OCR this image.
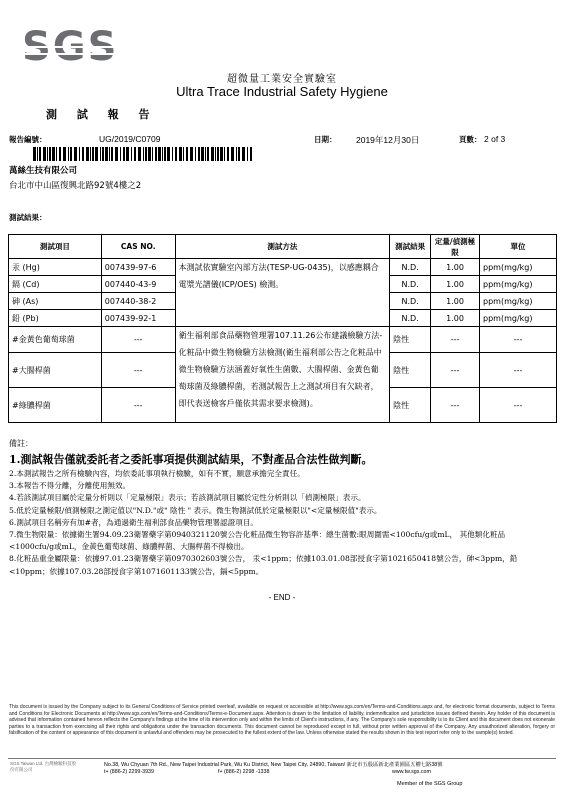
SGS
超微量工業安全實驗室
Ultra Trace Industrial Safety Hygiene
測 試 報 告
報告編號：	UG/2019/C0709	日期： 2019年12月30日	頁數： 2 of 3
萬絲生技有限公司
台北市中山區復興北路92號4樓之2
測試結果：
測試項目	CAS NO.	測試方法	測試結果	定量/偵測極限	單位
汞 (Hg)	007439-97-6	本測試依實驗室內部方法(TESP-UG-0435)，以感應耦合電漿光譜儀(ICP/OES) 檢測。	N.D.	1.00	ppm(mg/kg)
鎘 (Cd)	007440-43-9		N.D.	1.00	ppm(mg/kg)
砷 (As)	007440-38-2		N.D.	1.00	ppm(mg/kg)
鉛 (Pb)	007439-92-1		N.D.	1.00	ppm(mg/kg)
#金黃色葡萄球菌	---	衛生福利部食品藥物管理署107.11.26公布建議檢驗方法-化粧品中微生物檢驗方法檢測(衛生福利部公告之化粧品中微生物檢驗方法涵蓋好氧性生菌數、大腸桿菌、金黃色葡萄球菌及綠膿桿菌，若測試報告上之測試項目有欠缺者，即代表送檢客戶僅依其需求要求檢測)。	陰性	---	---
#大腸桿菌	---		陰性	---	---
#綠膿桿菌	---		陰性	---	---
備註：
1.測試報告僅就委託者之委託事項提供測試結果，不對產品合法性做判斷。
2.本測試報告之所有檢驗內容，均依委託事項執行檢驗，如有不實，願意承擔完全責任。
3.本報告不得分離，分離使用無效。
4.若該測試項目屬於定量分析則以「定量極限」表示；若該測試項目屬於定性分析則以「偵測極限」表示。
5.低於定量極限/偵測極限之測定值以"N.D."或" 陰性 " 表示。微生物測試低於定量極限以"<定量極限值"表示。
6.測試項目名稱旁有加#者，為通過衛生福利部食品藥物管理署認證項目。
7.微生物限量：依據衛生署94.09.23衛署藥字第0940321120號公告化粧品微生物容許基準：總生菌數:眼周圍需<100cfu/g或mL， 其他類化粧品<1000cfu/g或mL，金黃色葡萄球菌、綠膿桿菌、大腸桿菌不得檢出。
8.化粧品重金屬限量：依據97.01.23衛署藥字第0970302603號公告， 汞<1ppm；依據103.01.08部授食字第1021650418號公告，砷<3ppm，鉛<10ppm；依據107.03.28部授食字第1071601133號公告，鎘<5ppm。
- END -
This document is issued by the Company subject to its General Conditions of Service printed overleaf, available on request or accessible at http://www.sgs.com/en/Terms-and-Conditions.aspx and, for electronic format documents, subject to Terms and Conditions for Electronic Documents at http://www.sgs.com/en/Terms-and-Conditions/Terms-e-Document.aspx. Attention is drawn to the limitation of liability, indemnification and jurisdiction issues defined therein. Any holder of this document is advised that information contained hereon reflects the Company's findings at the time of its intervention only and within the limits of Client's instructions, if any. The Company's sole responsibility is to its Client and this document does not exonerate parties to a transaction from exercising all their rights and obligations under the transaction documents. This document cannot be reproduced except in full, without prior written approval of the Company. Any unauthorized alteration, forgery or falsification of the content or appearance of this document is unlawful and offenders may be prosecuted to the fullest extent of the law. Unless otherwise stated the results shown in this test report refer only to the sample(s) tested.
SGS Taiwan Ltd. 台灣檢驗科技股份有限公司
No.38, Wu Chyuan 7th Rd., New Taipei Industrial Park, Wu Ku District, New Taipei City, 24890, Taiwan/ 新北市五股區新北產業園區五權七路38號
t+ (886-2) 2299-3939	f+ (886-2) 2298 -1338	www.tw.sgs.com
Member of the SGS Group
